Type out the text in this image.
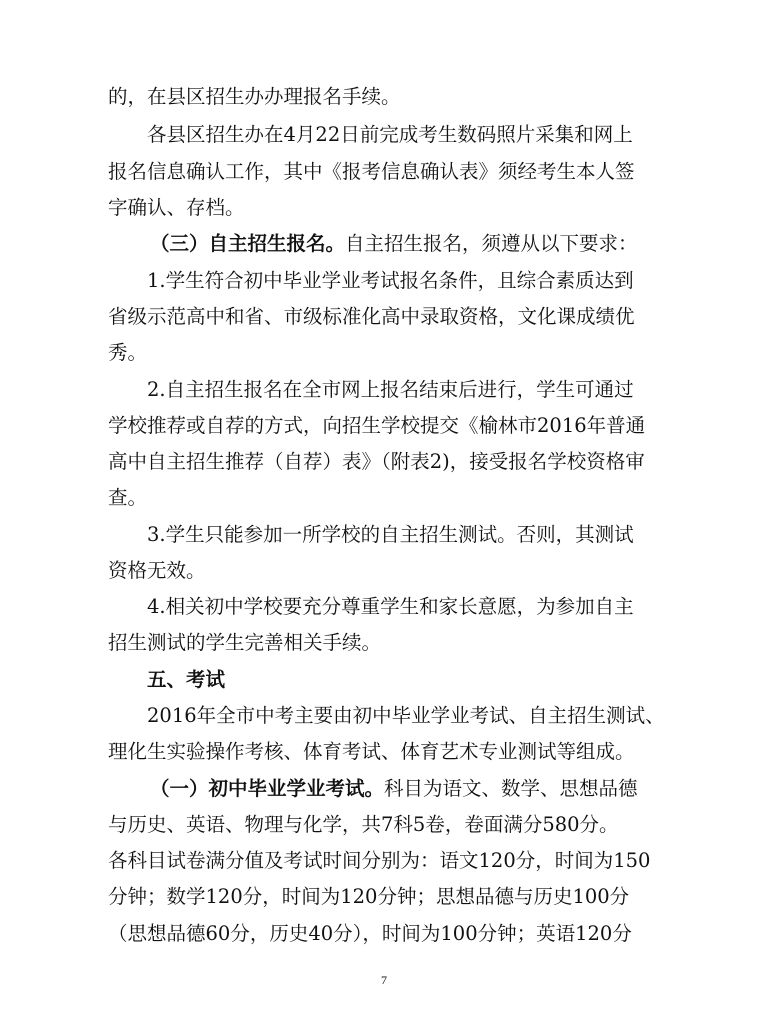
的，在县区招生办办理报名手续。
各县区招生办在4月22日前完成考生数码照片采集和网上
报名信息确认工作，其中《报考信息确认表》须经考生本人签
字确认、存档。
（三）自主招生报名。自主招生报名，须遵从以下要求：
1.学生符合初中毕业学业考试报名条件，且综合素质达到
省级示范高中和省、市级标准化高中录取资格，文化课成绩优
秀。
2.自主招生报名在全市网上报名结束后进行，学生可通过
学校推荐或自荐的方式，向招生学校提交《榆林市2016年普通
高中自主招生推荐（自荐）表》（附表2)，接受报名学校资格审
查。
3.学生只能参加一所学校的自主招生测试。否则，其测试
资格无效。
4.相关初中学校要充分尊重学生和家长意愿，为参加自主
招生测试的学生完善相关手续。
五、考试
2016年全市中考主要由初中毕业学业考试、自主招生测试、
理化生实验操作考核、体育考试、体育艺术专业测试等组成。
（一）初中毕业学业考试。科目为语文、数学、思想品德
与历史、英语、物理与化学，共7科5卷，卷面满分580分。
各科目试卷满分值及考试时间分别为：语文120分，时间为150
分钟；数学120分，时间为120分钟；思想品德与历史100分
（思想品德60分，历史40分），时间为100分钟；英语120分
7
